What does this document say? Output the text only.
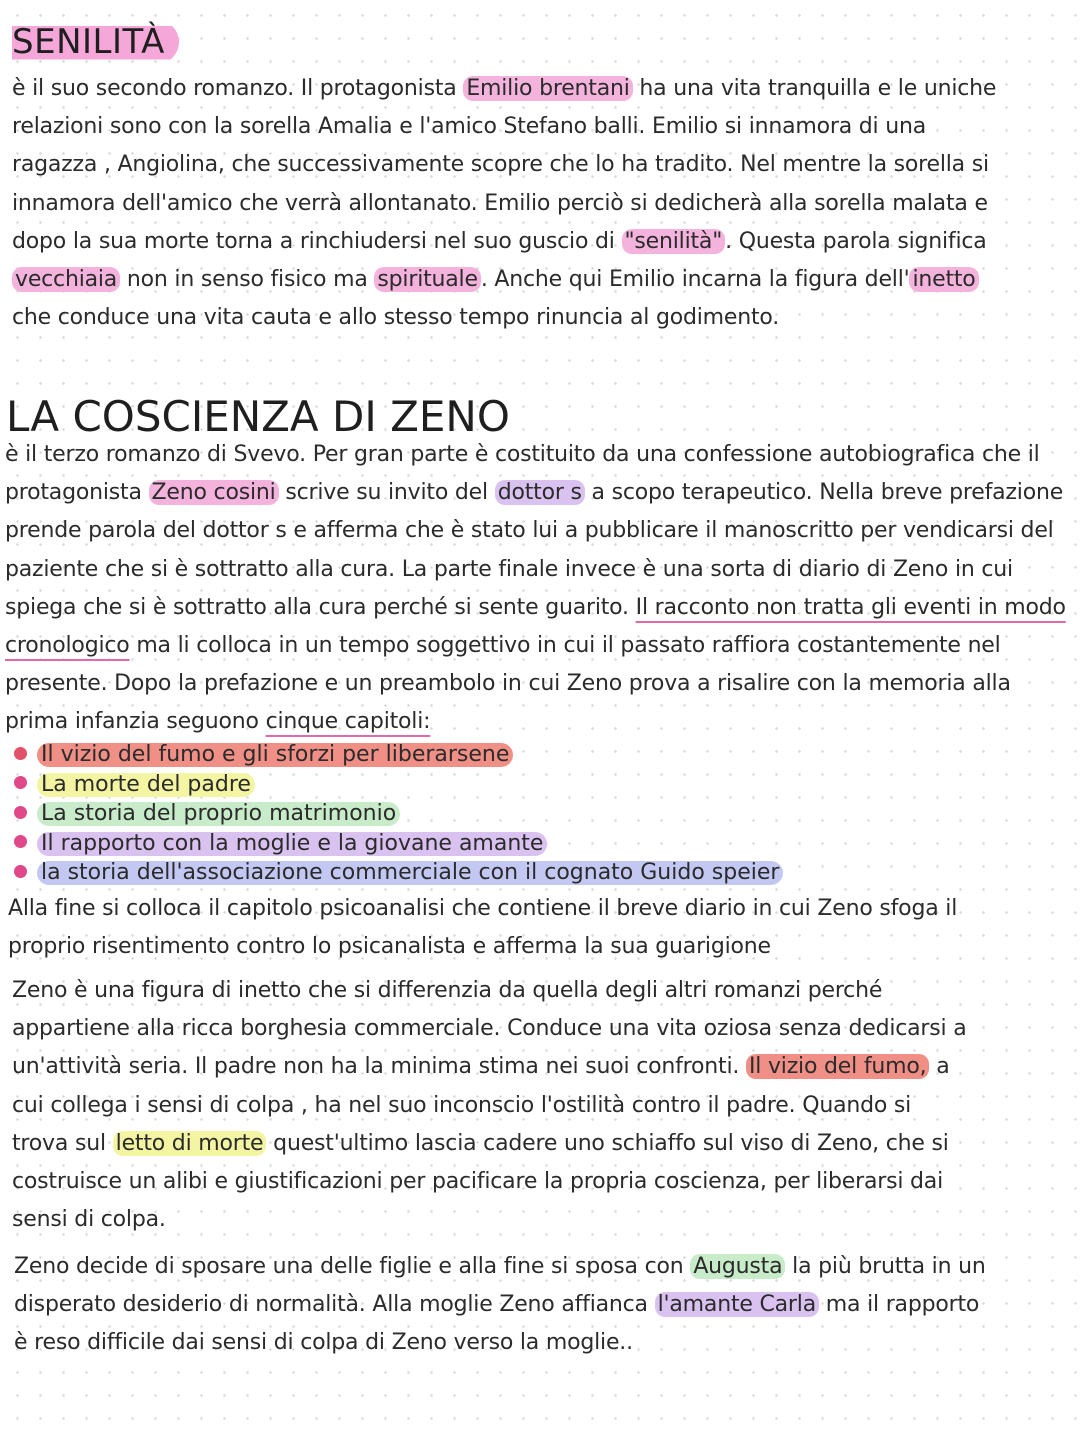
SENILITÀ

è il suo secondo romanzo. Il protagonista Emilio brentani ha una vita tranquilla e le uniche relazioni sono con la sorella Amalia e l'amico Stefano balli. Emilio si innamora di una ragazza , Angiolina, che successivamente scopre che lo ha tradito. Nel mentre la sorella si innamora dell'amico che verrà allontanato. Emilio perciò si dedicherà alla sorella malata e dopo la sua morte torna a rinchiudersi nel suo guscio di "senilità" . Questa parola significa vecchiaia non in senso fisico ma spirituale . Anche qui Emilio incarna la figura dell' inetto che conduce una vita cauta e allo stesso tempo rinuncia al godimento.

LA COSCIENZA DI ZENO

è il terzo romanzo di Svevo. Per gran parte è costituito da una confessione autobiografica che il protagonista Zeno cosini scrive su invito del dottor s a scopo terapeutico. Nella breve prefazione prende parola del dottor s e afferma che è stato lui a pubblicare il manoscritto per vendicarsi del paziente che si è sottratto alla cura. La parte finale invece è una sorta di diario di Zeno in cui spiega che si è sottratto alla cura perché si sente guarito. Il racconto non tratta gli eventi in modo cronologico ma li colloca in un tempo soggettivo in cui il passato raffiora costantemente nel presente. Dopo la prefazione e un preambolo in cui Zeno prova a risalire con la memoria alla prima infanzia seguono cinque capitoli:

Il vizio del fumo e gli sforzi per liberarsene
La morte del padre
La storia del proprio matrimonio
Il rapporto con la moglie e la giovane amante
la storia dell'associazione commerciale con il cognato Guido speier

Alla fine si colloca il capitolo psicoanalisi che contiene il breve diario in cui Zeno sfoga il proprio risentimento contro lo psicanalista e afferma la sua guarigione

Zeno è una figura di inetto che si differenzia da quella degli altri romanzi perché appartiene alla ricca borghesia commerciale. Conduce una vita oziosa senza dedicarsi a un'attività seria. Il padre non ha la minima stima nei suoi confronti. Il vizio del fumo, a cui collega i sensi di colpa , ha nel suo inconscio l'ostilità contro il padre. Quando si trova sul letto di morte quest'ultimo lascia cadere uno schiaffo sul viso di Zeno, che si costruisce un alibi e giustificazioni per pacificare la propria coscienza, per liberarsi dai sensi di colpa.

Zeno decide di sposare una delle figlie e alla fine si sposa con Augusta la più brutta in un disperato desiderio di normalità. Alla moglie Zeno affianca l'amante Carla ma il rapporto è reso difficile dai sensi di colpa di Zeno verso la moglie..
